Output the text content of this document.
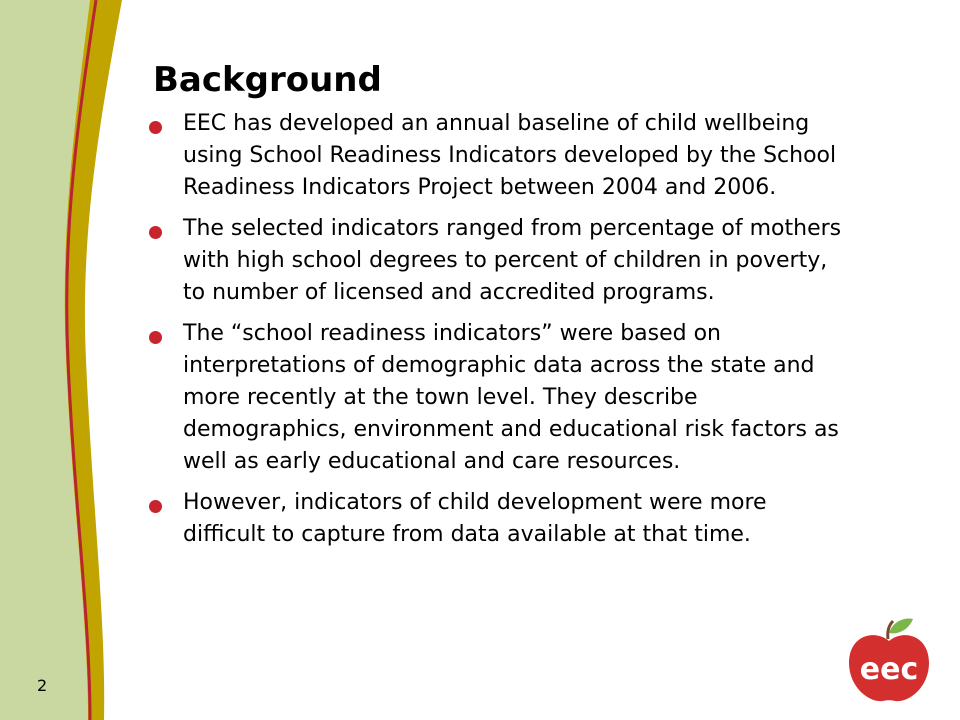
Background
EEC has developed an annual baseline of child wellbeing using School Readiness Indicators developed by the School Readiness Indicators Project between 2004 and 2006.
The selected indicators ranged from percentage of mothers with high school degrees to percent of children in poverty, to number of licensed and accredited programs.
The “school readiness indicators” were based on interpretations of demographic data across the state and more recently at the town level. They describe demographics, environment and educational risk factors as well as early educational and care resources.
However, indicators of child development were more difficult to capture from data available at that time.
2	eec
